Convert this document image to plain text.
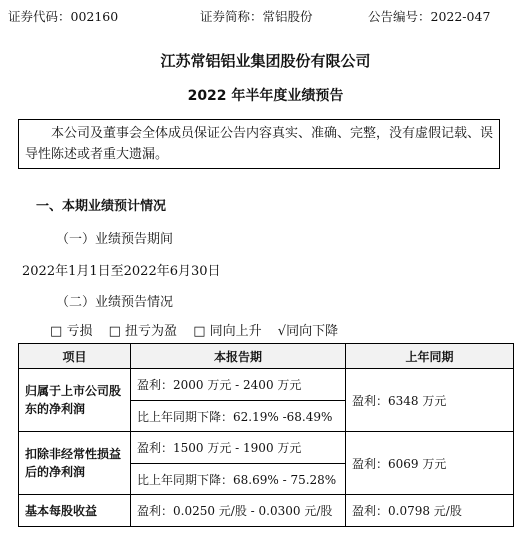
证券代码：002160	证券简称：常铝股份	公告编号：2022-047
江苏常铝铝业集团股份有限公司
2022 年半年度业绩预告

本公司及董事会全体成员保证公告内容真实、准确、完整，没有虚假记载、误导性陈述或者重大遗漏。

一、本期业绩预计情况
（一）业绩预告期间
2022年1月1日至2022年6月30日
（二）业绩预告情况
□ 亏损 □ 扭亏为盈 □ 同向上升 √同向下降
项目	本报告期	上年同期
归属于上市公司股东的净利润	盈利：2000 万元 - 2400 万元	盈利：6348 万元
	比上年同期下降：62.19% -68.49%	
扣除非经常性损益后的净利润	盈利：1500 万元 - 1900 万元	盈利：6069 万元
	比上年同期下降：68.69% - 75.28%	
基本每股收益	盈利：0.0250 元/股 - 0.0300 元/股	盈利：0.0798 元/股
